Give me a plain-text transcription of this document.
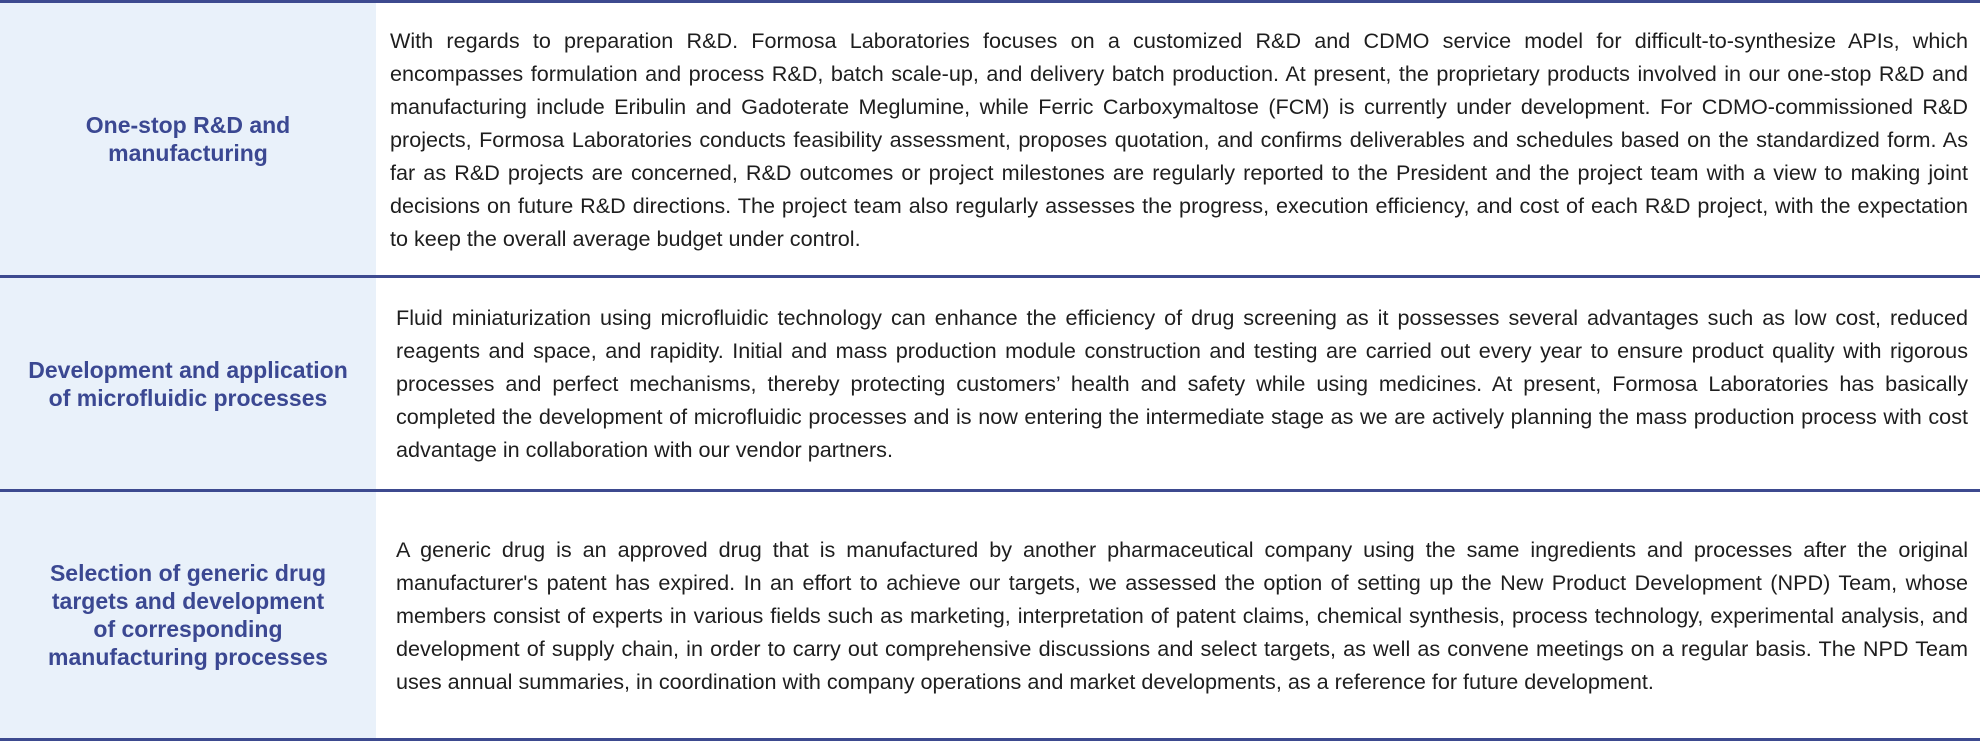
One-stop R&D and
manufacturing

With regards to preparation R&D. Formosa Laboratories focuses on a customized R&D and CDMO service model for difficult-to-synthesize APIs, which encompasses formulation and process R&D, batch scale-up, and delivery batch production. At present, the proprietary products involved in our one-stop R&D and manufacturing include Eribulin and Gadoterate Meglumine, while Ferric Carboxymaltose (FCM) is currently under development. For CDMO-commissioned R&D projects, Formosa Laboratories conducts feasibility assessment, proposes quotation, and confirms deliverables and schedules based on the standardized form. As far as R&D projects are concerned, R&D outcomes or project milestones are regularly reported to the President and the project team with a view to making joint decisions on future R&D directions. The project team also regularly assesses the progress, execution efficiency, and cost of each R&D project, with the expectation to keep the overall average budget under control.

Development and application
of microfluidic processes

Fluid miniaturization using microfluidic technology can enhance the efficiency of drug screening as it possesses several advantages such as low cost, reduced reagents and space, and rapidity. Initial and mass production module construction and testing are carried out every year to ensure product quality with rigorous processes and perfect mechanisms, thereby protecting customers’ health and safety while using medicines. At present, Formosa Laboratories has basically completed the development of microfluidic processes and is now entering the intermediate stage as we are actively planning the mass production process with cost advantage in collaboration with our vendor partners.

Selection of generic drug
targets and development
of corresponding
manufacturing processes

A generic drug is an approved drug that is manufactured by another pharmaceutical company using the same ingredients and processes after the original manufacturer's patent has expired. In an effort to achieve our targets, we assessed the option of setting up the New Product Development (NPD) Team, whose members consist of experts in various fields such as marketing, interpretation of patent claims, chemical synthesis, process technology, experimental analysis, and development of supply chain, in order to carry out comprehensive discussions and select targets, as well as convene meetings on a regular basis. The NPD Team uses annual summaries, in coordination with company operations and market developments, as a reference for future development.
